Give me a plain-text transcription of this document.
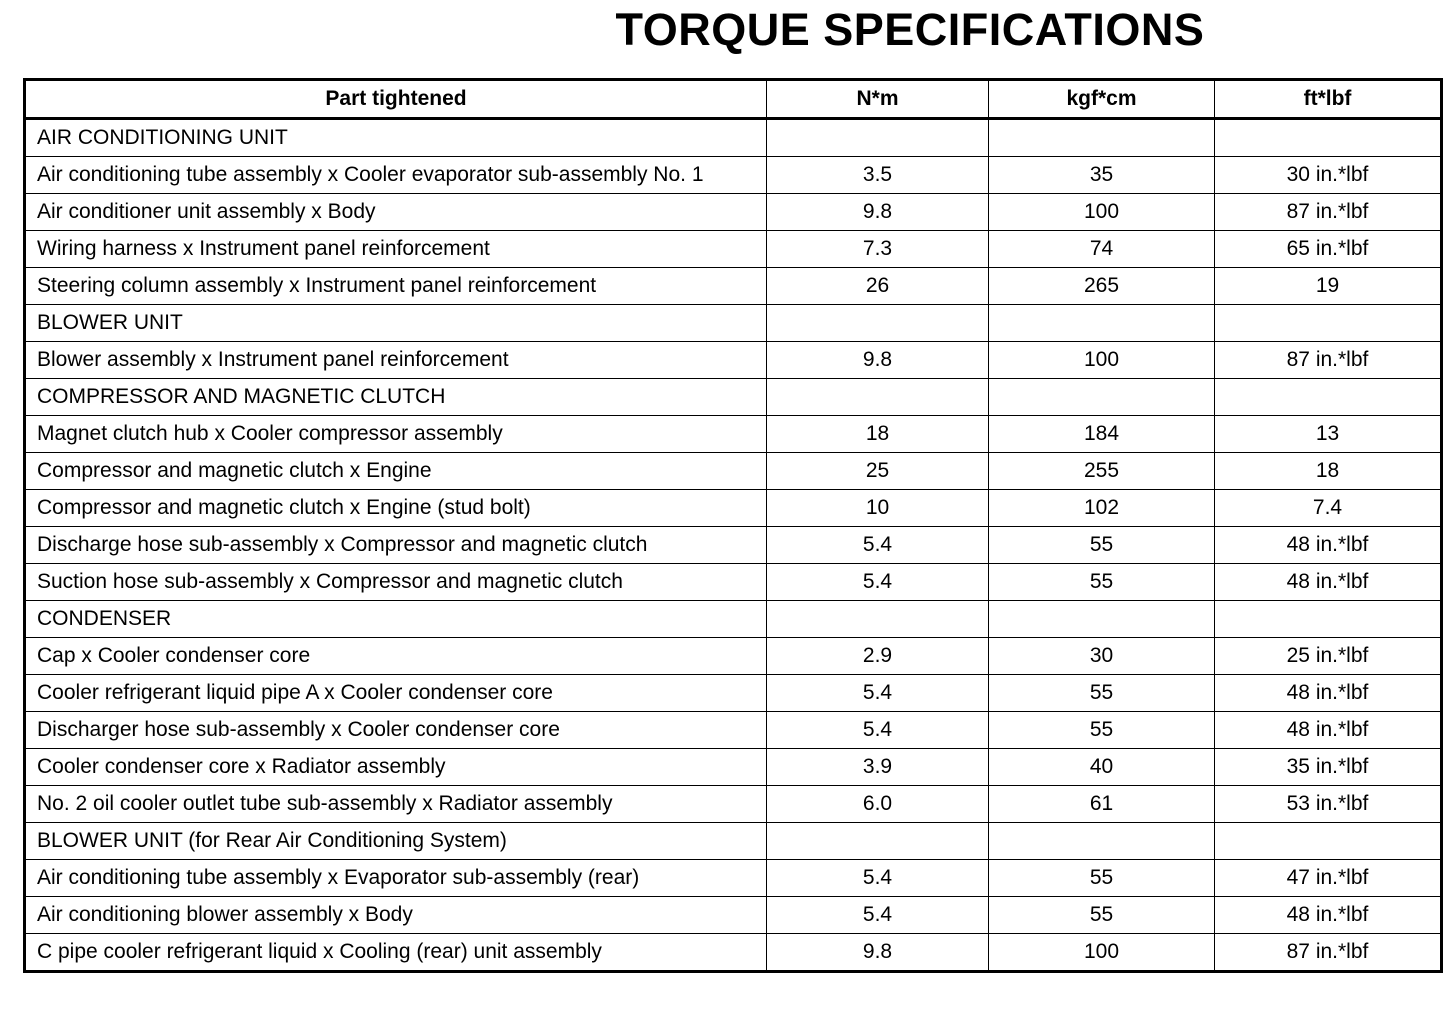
TORQUE SPECIFICATIONS
Part tightened	N*m	kgf*cm	ft*lbf
AIR CONDITIONING UNIT			
Air conditioning tube assembly x Cooler evaporator sub-assembly No. 1	3.5	35	30 in.*lbf
Air conditioner unit assembly x Body	9.8	100	87 in.*lbf
Wiring harness x Instrument panel reinforcement	7.3	74	65 in.*lbf
Steering column assembly x Instrument panel reinforcement	26	265	19
BLOWER UNIT			
Blower assembly x Instrument panel reinforcement	9.8	100	87 in.*lbf
COMPRESSOR AND MAGNETIC CLUTCH			
Magnet clutch hub x Cooler compressor assembly	18	184	13
Compressor and magnetic clutch x Engine	25	255	18
Compressor and magnetic clutch x Engine (stud bolt)	10	102	7.4
Discharge hose sub-assembly x Compressor and magnetic clutch	5.4	55	48 in.*lbf
Suction hose sub-assembly x Compressor and magnetic clutch	5.4	55	48 in.*lbf
CONDENSER			
Cap x Cooler condenser core	2.9	30	25 in.*lbf
Cooler refrigerant liquid pipe A x Cooler condenser core	5.4	55	48 in.*lbf
Discharger hose sub-assembly x Cooler condenser core	5.4	55	48 in.*lbf
Cooler condenser core x Radiator assembly	3.9	40	35 in.*lbf
No. 2 oil cooler outlet tube sub-assembly x Radiator assembly	6.0	61	53 in.*lbf
BLOWER UNIT (for Rear Air Conditioning System)			
Air conditioning tube assembly x Evaporator sub-assembly (rear)	5.4	55	47 in.*lbf
Air conditioning blower assembly x Body	5.4	55	48 in.*lbf
C pipe cooler refrigerant liquid x Cooling (rear) unit assembly	9.8	100	87 in.*lbf
